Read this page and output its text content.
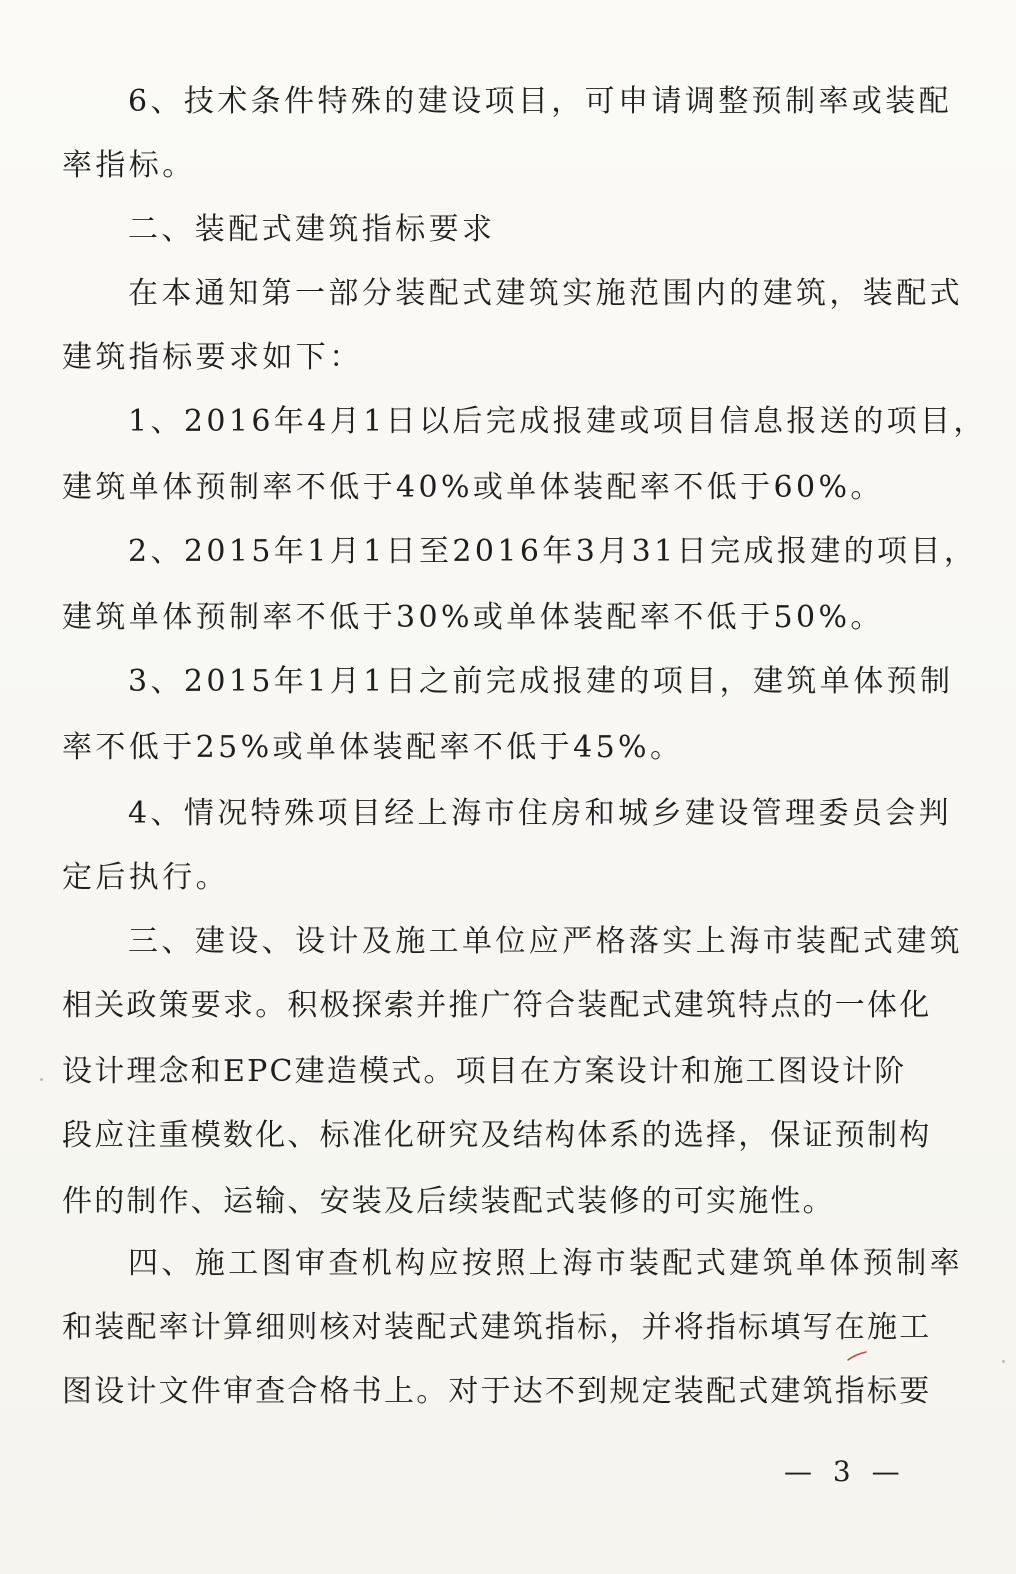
6、技术条件特殊的建设项目，可申请调整预制率或装配
率指标。
二、装配式建筑指标要求
在本通知第一部分装配式建筑实施范围内的建筑，装配式
建筑指标要求如下：
1、2016年4月1日以后完成报建或项目信息报送的项目，
建筑单体预制率不低于40%或单体装配率不低于60%。
2、2015年1月1日至2016年3月31日完成报建的项目，
建筑单体预制率不低于30%或单体装配率不低于50%。
3、2015年1月1日之前完成报建的项目，建筑单体预制
率不低于25%或单体装配率不低于45%。
4、情况特殊项目经上海市住房和城乡建设管理委员会判
定后执行。
三、建设、设计及施工单位应严格落实上海市装配式建筑
相关政策要求。积极探索并推广符合装配式建筑特点的一体化
设计理念和EPC建造模式。项目在方案设计和施工图设计阶
段应注重模数化、标准化研究及结构体系的选择，保证预制构
件的制作、运输、安装及后续装配式装修的可实施性。
四、施工图审查机构应按照上海市装配式建筑单体预制率
和装配率计算细则核对装配式建筑指标，并将指标填写在施工
图设计文件审查合格书上。对于达不到规定装配式建筑指标要
— 3 —
